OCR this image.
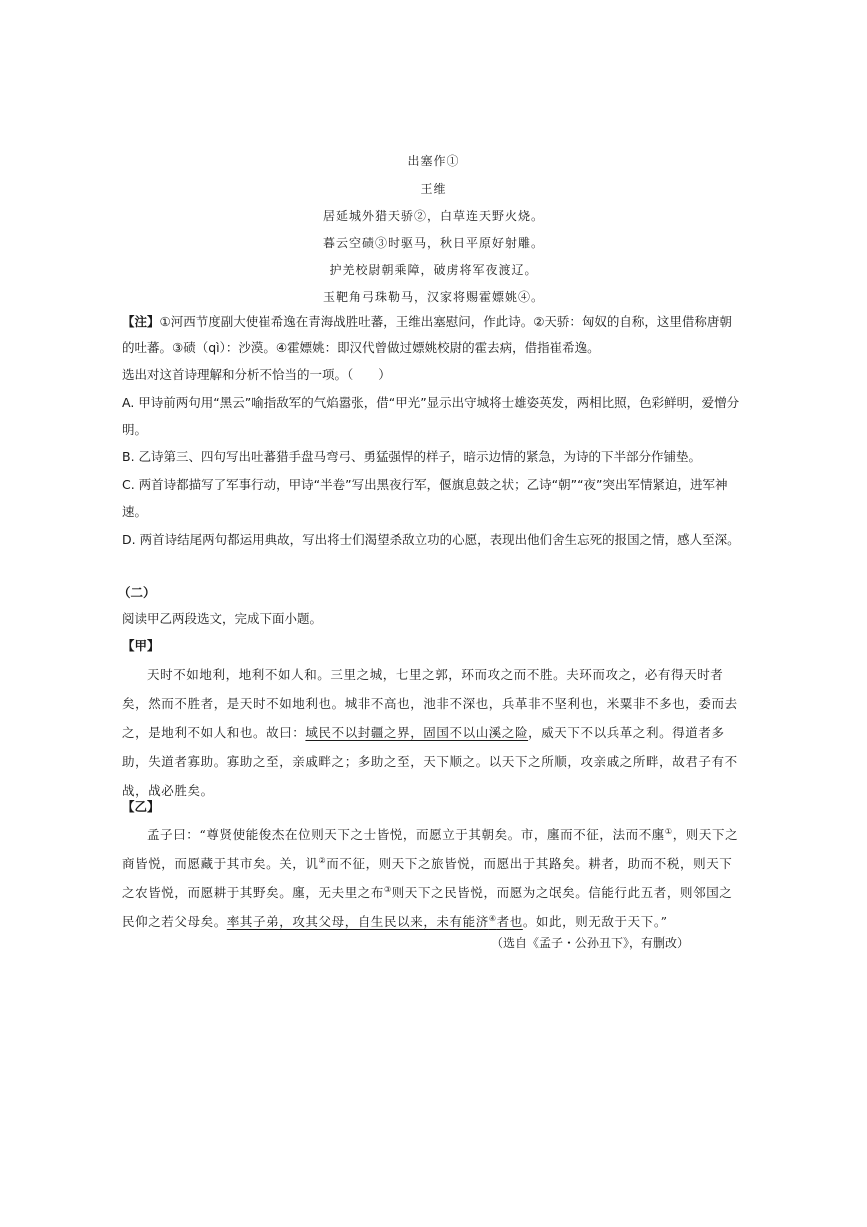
出塞作①
王维
居延城外猎天骄②，白草连天野火烧。
暮云空碛③时驱马，秋日平原好射雕。
护羌校尉朝乘障，破虏将军夜渡辽。
玉靶角弓珠勒马，汉家将赐霍嫖姚④。
【注】①河西节度副大使崔希逸在青海战胜吐蕃，王维出塞慰问，作此诗。②天骄：匈奴的自称，这里借称唐朝的吐蕃。③碛（qì）：沙漠。④霍嫖姚：即汉代曾做过嫖姚校尉的霍去病，借指崔希逸。
选出对这首诗理解和分析不恰当的一项。（　　）
A. 甲诗前两句用“黑云”喻指敌军的气焰嚣张，借“甲光”显示出守城将士雄姿英发，两相比照，色彩鲜明，爱憎分明。
B. 乙诗第三、四句写出吐蕃猎手盘马弯弓、勇猛强悍的样子，暗示边情的紧急，为诗的下半部分作铺垫。
C. 两首诗都描写了军事行动，甲诗“半卷”写出黑夜行军，偃旗息鼓之状；乙诗“朝”“夜”突出军情紧迫，进军神速。
D. 两首诗结尾两句都运用典故，写出将士们渴望杀敌立功的心愿，表现出他们舍生忘死的报国之情，感人至深。
（二）
阅读甲乙两段选文，完成下面小题。
【甲】
天时不如地利，地利不如人和。三里之城，七里之郭，环而攻之而不胜。夫环而攻之，必有得天时者矣，然而不胜者，是天时不如地利也。城非不高也，池非不深也，兵革非不坚利也，米粟非不多也，委而去之，是地利不如人和也。故曰：域民不以封疆之界，固国不以山溪之险，威天下不以兵革之利。得道者多助，失道者寡助。寡助之至，亲戚畔之；多助之至，天下顺之。以天下之所顺，攻亲戚之所畔，故君子有不战，战必胜矣。
【乙】
孟子曰：“尊贤使能俊杰在位则天下之士皆悦，而愿立于其朝矣。市，廛而不征，法而不廛①，则天下之商皆悦，而愿藏于其市矣。关，讥②而不征，则天下之旅皆悦，而愿出于其路矣。耕者，助而不税，则天下之农皆悦，而愿耕于其野矣。廛，无夫里之布③则天下之民皆悦，而愿为之氓矣。信能行此五者，则邻国之民仰之若父母矣。率其子弟，攻其父母，自生民以来，未有能济④者也。如此，则无敌于天下。”
（选自《孟子・公孙丑下》，有删改）
